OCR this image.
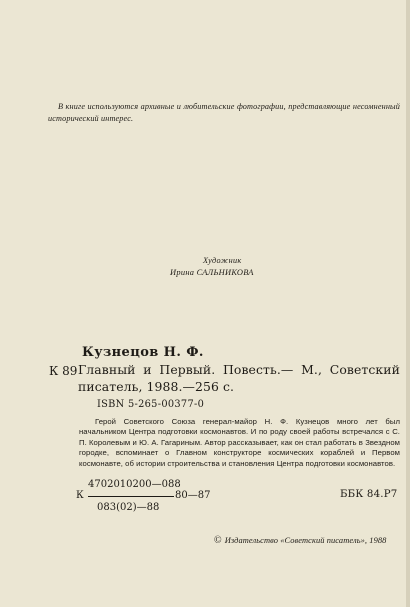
В книге используются архивные и любительские фотографии, представляющие несомненный исторический интерес.

Художник
Ирина САЛЬНИКОВА
Кузнецов Н. Ф.
К 89 Главный и Первый. Повесть.— М., Советский
писатель, 1988.—256 с.
ISBN 5-265-00377-0

Герой Советского Союза генерал-майор Н. Ф. Кузнецов много лет был начальником Центра подготовки космонавтов. И по роду своей работы встречался с С. П. Королевым и Ю. А. Гагариным. Автор рассказывает, как он стал работать в Звездном городке, вспоминает о Главном конструкторе космических кораблей и Первом космонавте, об истории строительства и становления Центра подготовки космонавтов.

4702010200—088
К	80—87
083(02)—88
ББК 84.Р7
© Издательство «Советский писатель», 1988
